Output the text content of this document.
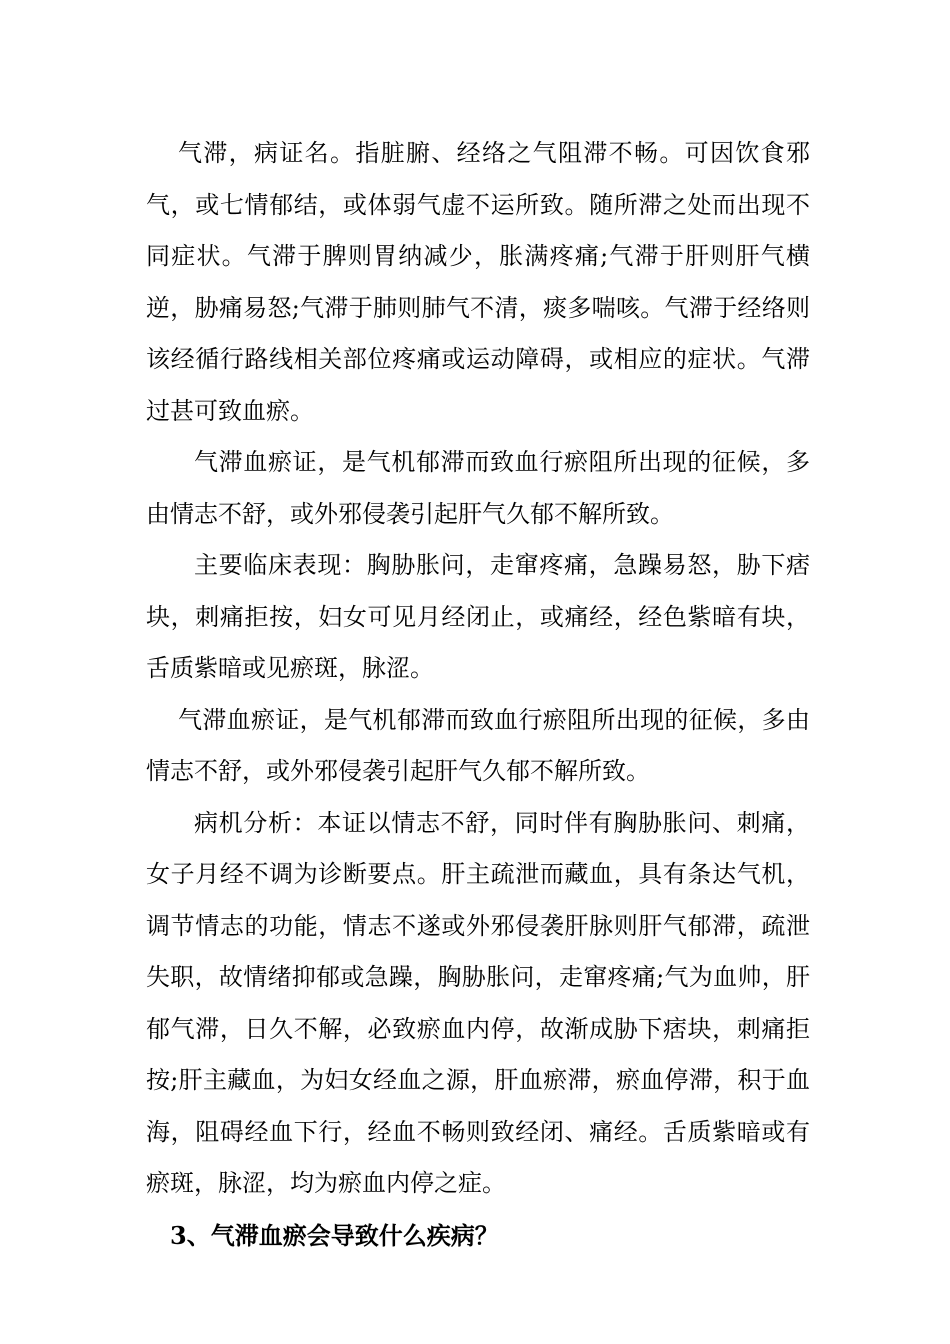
气滞，病证名。指脏腑、经络之气阻滞不畅。可因饮食邪气，或七情郁结，或体弱气虚不运所致。随所滞之处而出现不同症状。气滞于脾则胃纳减少，胀满疼痛;气滞于肝则肝气横逆，胁痛易怒;气滞于肺则肺气不清，痰多喘咳。气滞于经络则该经循行路线相关部位疼痛或运动障碍，或相应的症状。气滞过甚可致血瘀。

气滞血瘀证，是气机郁滞而致血行瘀阻所出现的征候，多由情志不舒，或外邪侵袭引起肝气久郁不解所致。

主要临床表现：胸胁胀问，走窜疼痛，急躁易怒，胁下痞块，刺痛拒按，妇女可见月经闭止，或痛经，经色紫暗有块，舌质紫暗或见瘀斑，脉涩。

气滞血瘀证，是气机郁滞而致血行瘀阻所出现的征候，多由情志不舒，或外邪侵袭引起肝气久郁不解所致。

病机分析：本证以情志不舒，同时伴有胸胁胀问、刺痛，女子月经不调为诊断要点。肝主疏泄而藏血，具有条达气机，调节情志的功能，情志不遂或外邪侵袭肝脉则肝气郁滞，疏泄失职，故情绪抑郁或急躁，胸胁胀问，走窜疼痛;气为血帅，肝郁气滞，日久不解，必致瘀血内停，故渐成胁下痞块，刺痛拒按;肝主藏血，为妇女经血之源，肝血瘀滞，瘀血停滞，积于血海，阻碍经血下行，经血不畅则致经闭、痛经。舌质紫暗或有瘀斑，脉涩，均为瘀血内停之症。

3、气滞血瘀会导致什么疾病？
